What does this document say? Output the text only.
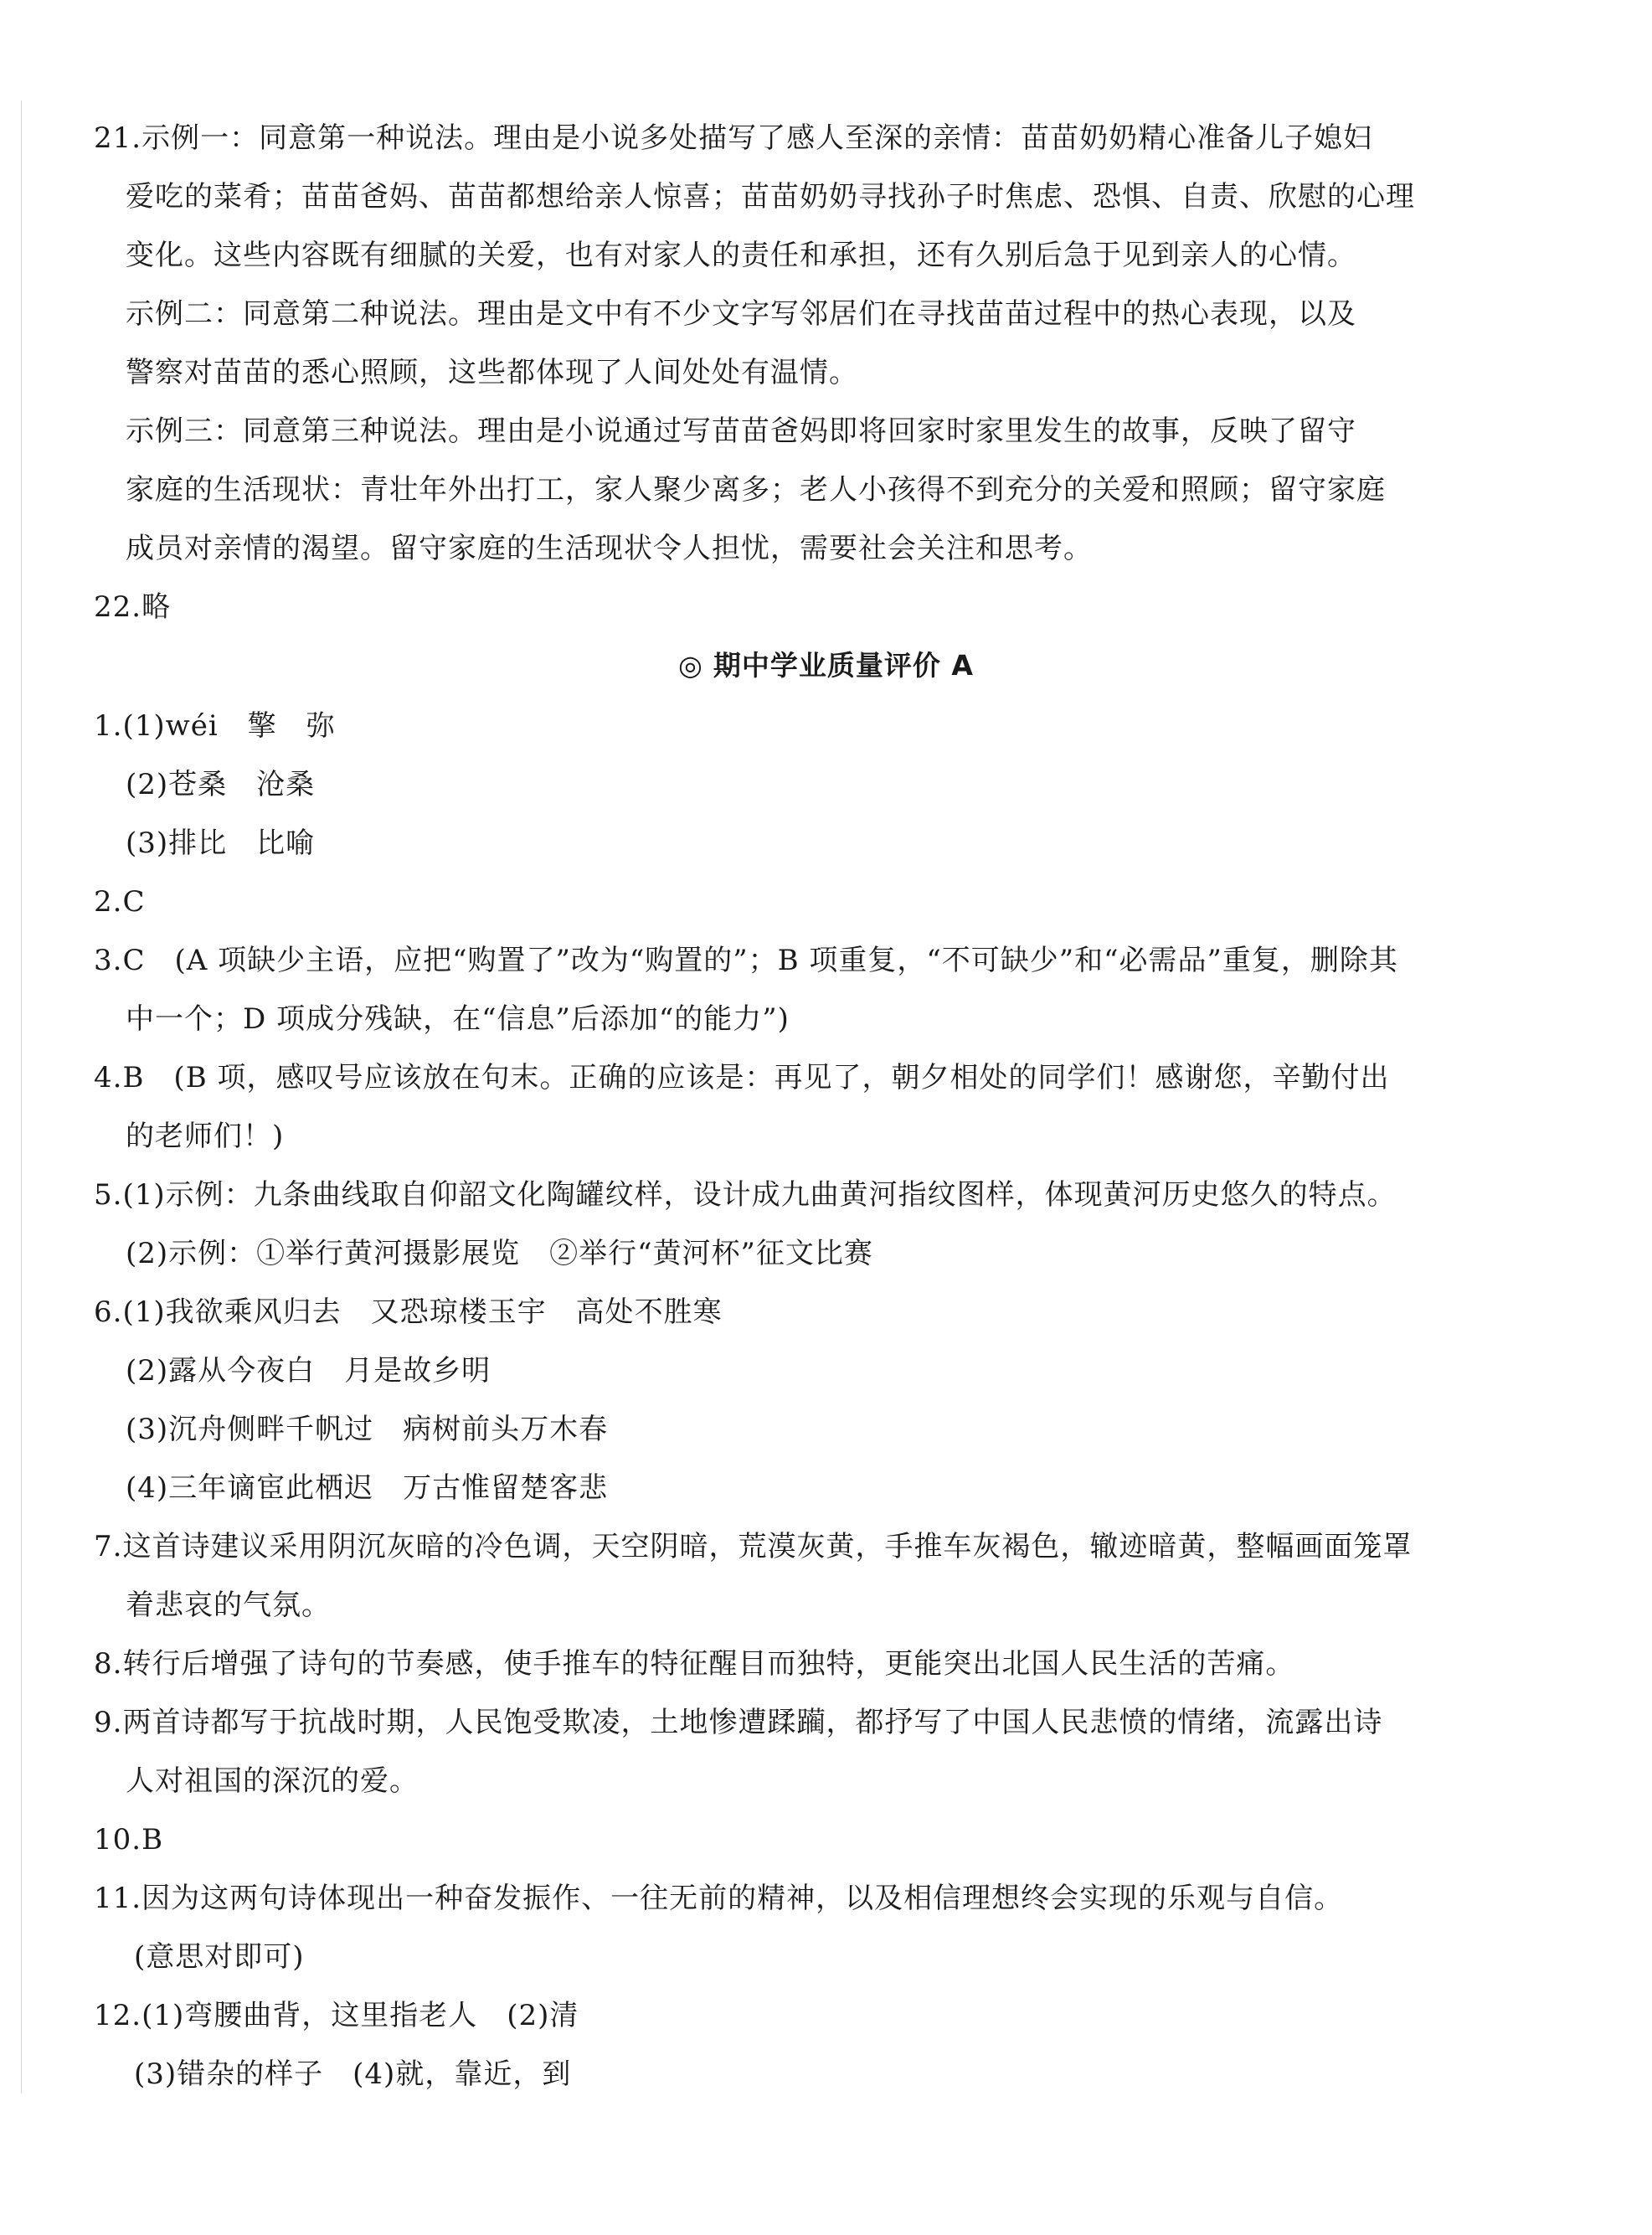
21.示例一：同意第一种说法。理由是小说多处描写了感人至深的亲情：苗苗奶奶精心准备儿子媳妇
爱吃的菜肴；苗苗爸妈、苗苗都想给亲人惊喜；苗苗奶奶寻找孙子时焦虑、恐惧、自责、欣慰的心理
变化。这些内容既有细腻的关爱，也有对家人的责任和承担，还有久别后急于见到亲人的心情。
示例二：同意第二种说法。理由是文中有不少文字写邻居们在寻找苗苗过程中的热心表现，以及
警察对苗苗的悉心照顾，这些都体现了人间处处有温情。
示例三：同意第三种说法。理由是小说通过写苗苗爸妈即将回家时家里发生的故事，反映了留守
家庭的生活现状：青壮年外出打工，家人聚少离多；老人小孩得不到充分的关爱和照顾；留守家庭
成员对亲情的渴望。留守家庭的生活现状令人担忧，需要社会关注和思考。
22.略
◎ 期中学业质量评价 A
1.(1)wéi　擎　弥
(2)苍桑　沧桑
(3)排比　比喻
2.C
3.C　(A 项缺少主语，应把“购置了”改为“购置的”；B 项重复，“不可缺少”和“必需品”重复，删除其
中一个；D 项成分残缺，在“信息”后添加“的能力”)
4.B　(B 项，感叹号应该放在句末。正确的应该是：再见了，朝夕相处的同学们！感谢您，辛勤付出
的老师们！)
5.(1)示例：九条曲线取自仰韶文化陶罐纹样，设计成九曲黄河指纹图样，体现黄河历史悠久的特点。
(2)示例：①举行黄河摄影展览　②举行“黄河杯”征文比赛
6.(1)我欲乘风归去　又恐琼楼玉宇　高处不胜寒
(2)露从今夜白　月是故乡明
(3)沉舟侧畔千帆过　病树前头万木春
(4)三年谪宦此栖迟　万古惟留楚客悲
7.这首诗建议采用阴沉灰暗的冷色调，天空阴暗，荒漠灰黄，手推车灰褐色，辙迹暗黄，整幅画面笼罩
着悲哀的气氛。
8.转行后增强了诗句的节奏感，使手推车的特征醒目而独特，更能突出北国人民生活的苦痛。
9.两首诗都写于抗战时期，人民饱受欺凌，土地惨遭蹂躏，都抒写了中国人民悲愤的情绪，流露出诗
人对祖国的深沉的爱。
10.B
11.因为这两句诗体现出一种奋发振作、一往无前的精神，以及相信理想终会实现的乐观与自信。
(意思对即可)
12.(1)弯腰曲背，这里指老人　(2)清
(3)错杂的样子　(4)就，靠近，到
